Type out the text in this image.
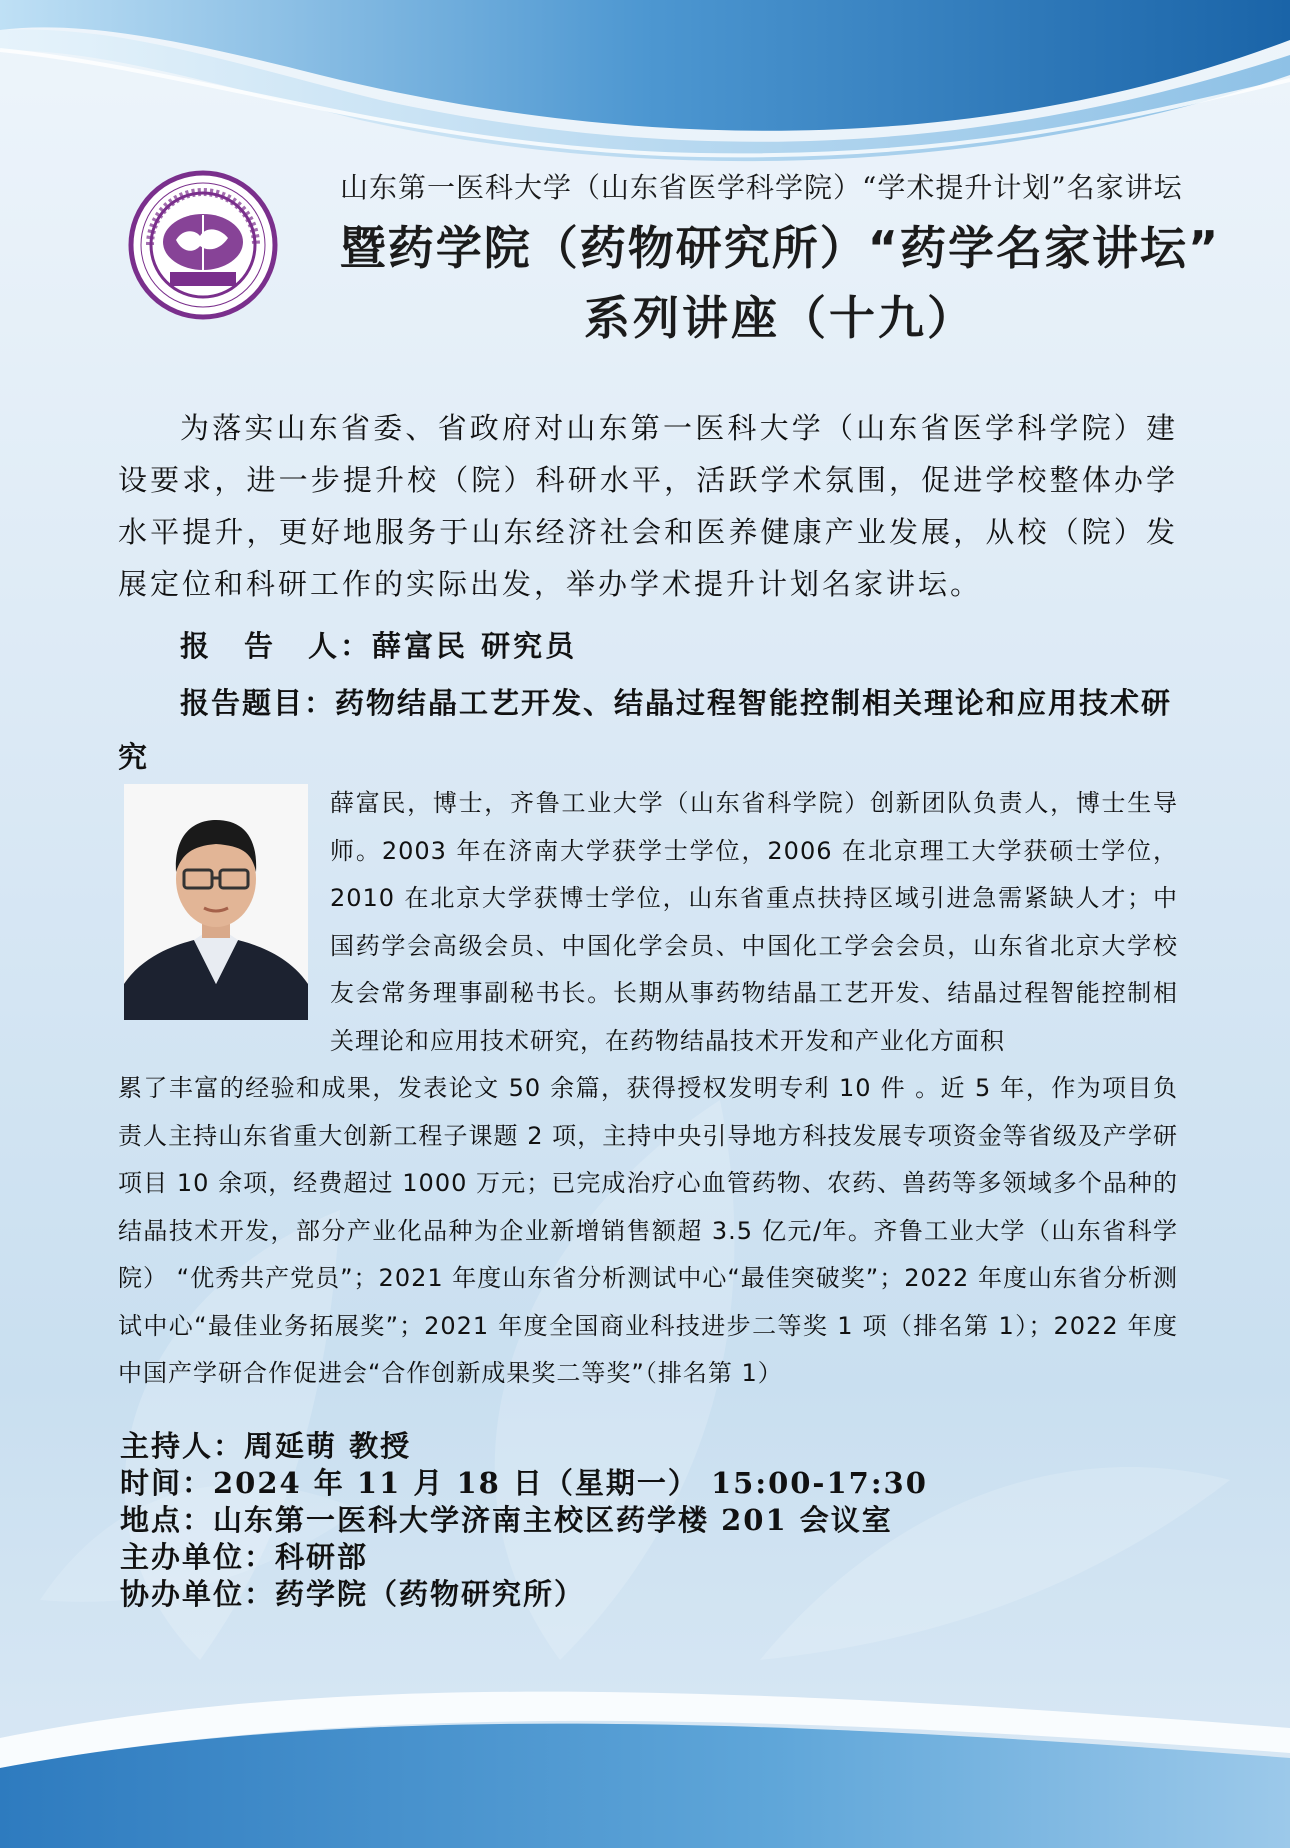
山东第一医科大学（山东省医学科学院）“学术提升计划”名家讲坛
暨药学院（药物研究所）“药学名家讲坛”
系列讲座（十九）
为落实山东省委、省政府对山东第一医科大学（山东省医学科学院）建设要求，进一步提升校（院）科研水平，活跃学术氛围，促进学校整体办学水平提升，更好地服务于山东经济社会和医养健康产业发展，从校（院）发展定位和科研工作的实际出发，举办学术提升计划名家讲坛。
报　告　人：薛富民 研究员
报告题目：药物结晶工艺开发、结晶过程智能控制相关理论和应用技术研究
薛富民，博士，齐鲁工业大学（山东省科学院）创新团队负责人，博士生导师。2003 年在济南大学获学士学位，2006 在北京理工大学获硕士学位，2010 在北京大学获博士学位，山东省重点扶持区域引进急需紧缺人才；中国药学会高级会员、中国化学会员、中国化工学会会员，山东省北京大学校友会常务理事副秘书长。长期从事药物结晶工艺开发、结晶过程智能控制相关理论和应用技术研究，在药物结晶技术开发和产业化方面积
累了丰富的经验和成果，发表论文 50 余篇，获得授权发明专利 10 件 。近 5 年，作为项目负责人主持山东省重大创新工程子课题 2 项，主持中央引导地方科技发展专项资金等省级及产学研项目 10 余项，经费超过 1000 万元；已完成治疗心血管药物、农药、兽药等多领域多个品种的结晶技术开发，部分产业化品种为企业新增销售额超 3.5 亿元/年。齐鲁工业大学（山东省科学院） “优秀共产党员”；2021 年度山东省分析测试中心“最佳突破奖”；2022 年度山东省分析测试中心“最佳业务拓展奖”；2021 年度全国商业科技进步二等奖 1 项（排名第 1）；2022 年度中国产学研合作促进会“合作创新成果奖二等奖”（排名第 1）
主持人：周延萌 教授
时间：2024 年 11 月 18 日（星期一） 15:00-17:30
地点：山东第一医科大学济南主校区药学楼 201 会议室
主办单位：科研部
协办单位：药学院（药物研究所）
